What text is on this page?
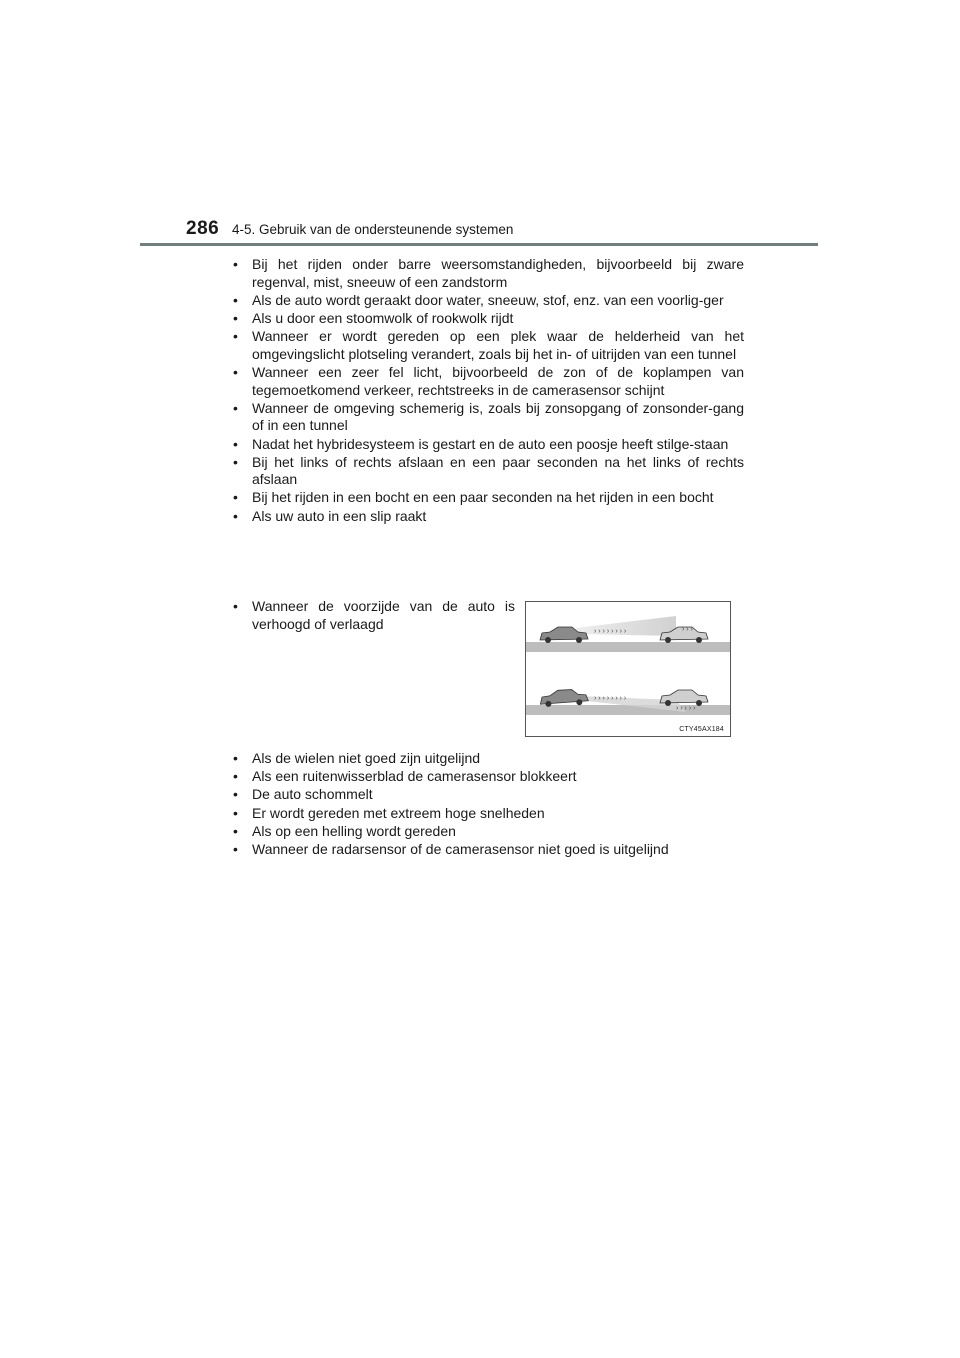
286 4-5. Gebruik van de ondersteunende systemen
• Bij het rijden onder barre weersomstandigheden, bijvoorbeeld bij zware regenval, mist, sneeuw of een zandstorm
• Als de auto wordt geraakt door water, sneeuw, stof, enz. van een voorlig-ger
• Als u door een stoomwolk of rookwolk rijdt
• Wanneer er wordt gereden op een plek waar de helderheid van het omgevingslicht plotseling verandert, zoals bij het in- of uitrijden van een tunnel
• Wanneer een zeer fel licht, bijvoorbeeld de zon of de koplampen van tegemoetkomend verkeer, rechtstreeks in de camerasensor schijnt
• Wanneer de omgeving schemerig is, zoals bij zonsopgang of zonsonder-gang of in een tunnel
• Nadat het hybridesysteem is gestart en de auto een poosje heeft stilge-staan
• Bij het links of rechts afslaan en een paar seconden na het links of rechts afslaan
• Bij het rijden in een bocht en een paar seconden na het rijden in een bocht
• Als uw auto in een slip raakt
• Wanneer de voorzijde van de auto is verhoogd of verlaagd	› › › › › › › ›	› › ›
› › › › › › › ›
› › › › ›
CTY45AX184
• Als de wielen niet goed zijn uitgelijnd
• Als een ruitenwisserblad de camerasensor blokkeert
• De auto schommelt
• Er wordt gereden met extreem hoge snelheden
• Als op een helling wordt gereden
• Wanneer de radarsensor of de camerasensor niet goed is uitgelijnd
